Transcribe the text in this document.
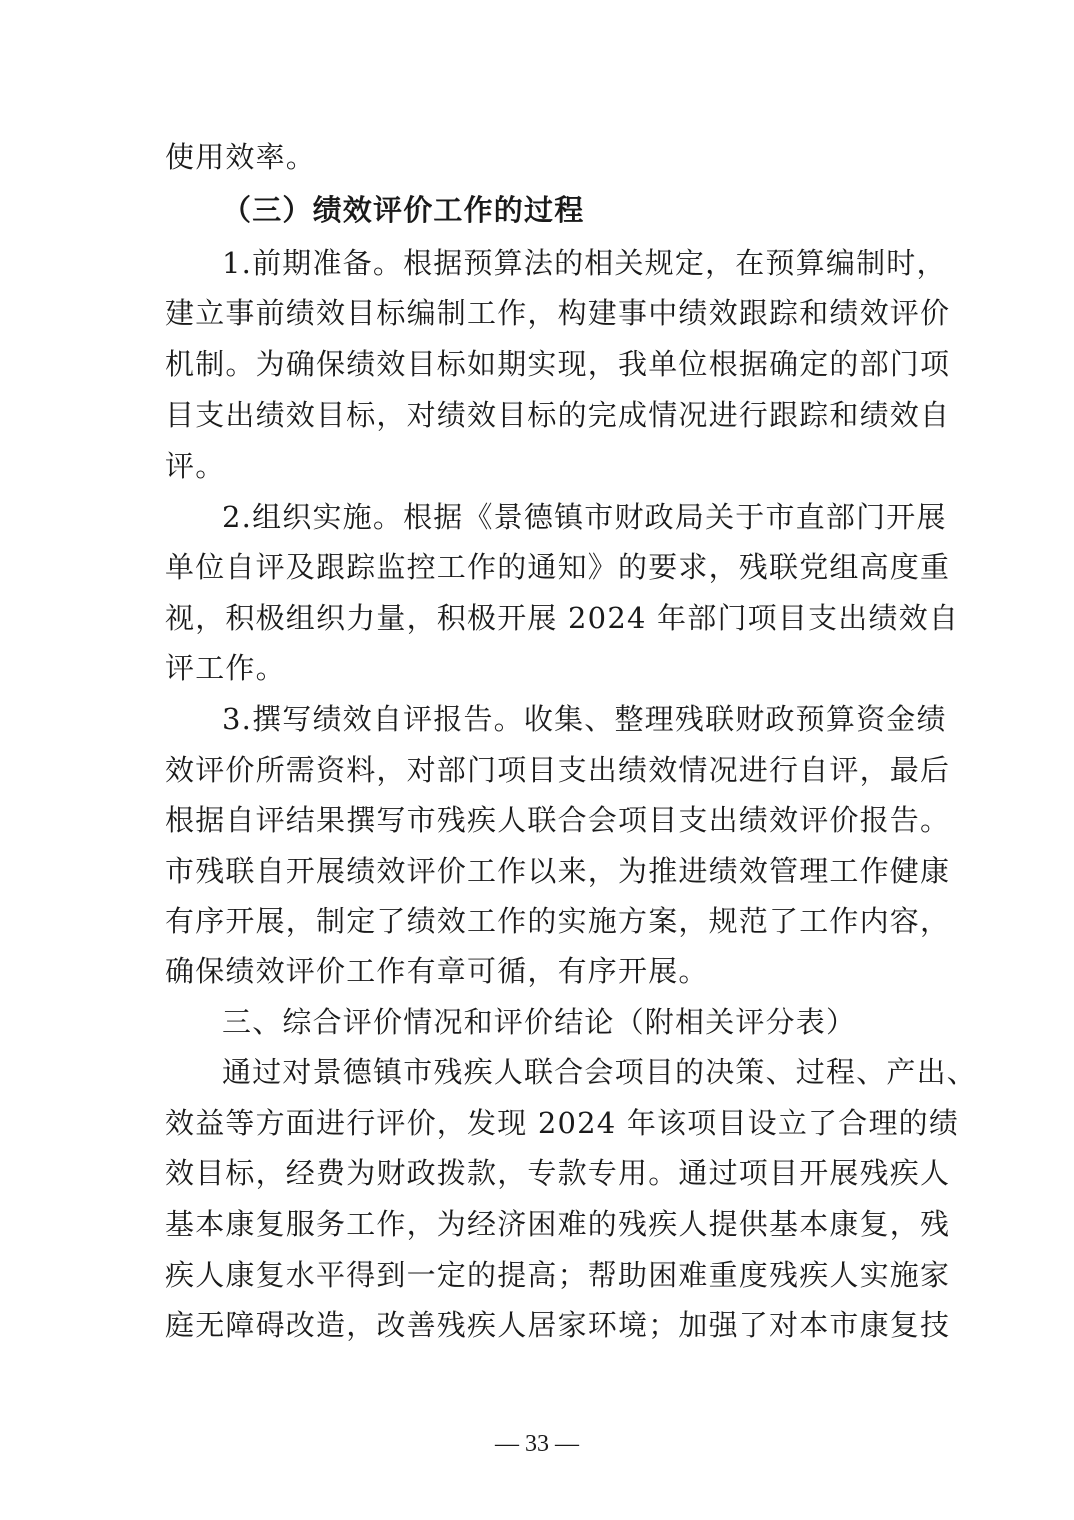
使用效率。
（三）绩效评价工作的过程
1.前期准备。根据预算法的相关规定，在预算编制时，
建立事前绩效目标编制工作，构建事中绩效跟踪和绩效评价
机制。为确保绩效目标如期实现，我单位根据确定的部门项
目支出绩效目标，对绩效目标的完成情况进行跟踪和绩效自
评。
2.组织实施。根据《景德镇市财政局关于市直部门开展
单位自评及跟踪监控工作的通知》的要求，残联党组高度重
视，积极组织力量，积极开展 2024 年部门项目支出绩效自
评工作。
3.撰写绩效自评报告。收集、整理残联财政预算资金绩
效评价所需资料，对部门项目支出绩效情况进行自评，最后
根据自评结果撰写市残疾人联合会项目支出绩效评价报告。
市残联自开展绩效评价工作以来，为推进绩效管理工作健康
有序开展，制定了绩效工作的实施方案，规范了工作内容，
确保绩效评价工作有章可循，有序开展。
三、综合评价情况和评价结论（附相关评分表）
通过对景德镇市残疾人联合会项目的决策、过程、产出、
效益等方面进行评价，发现 2024 年该项目设立了合理的绩
效目标，经费为财政拨款，专款专用。通过项目开展残疾人
基本康复服务工作，为经济困难的残疾人提供基本康复，残
疾人康复水平得到一定的提高；帮助困难重度残疾人实施家
庭无障碍改造，改善残疾人居家环境；加强了对本市康复技
— 33 —
